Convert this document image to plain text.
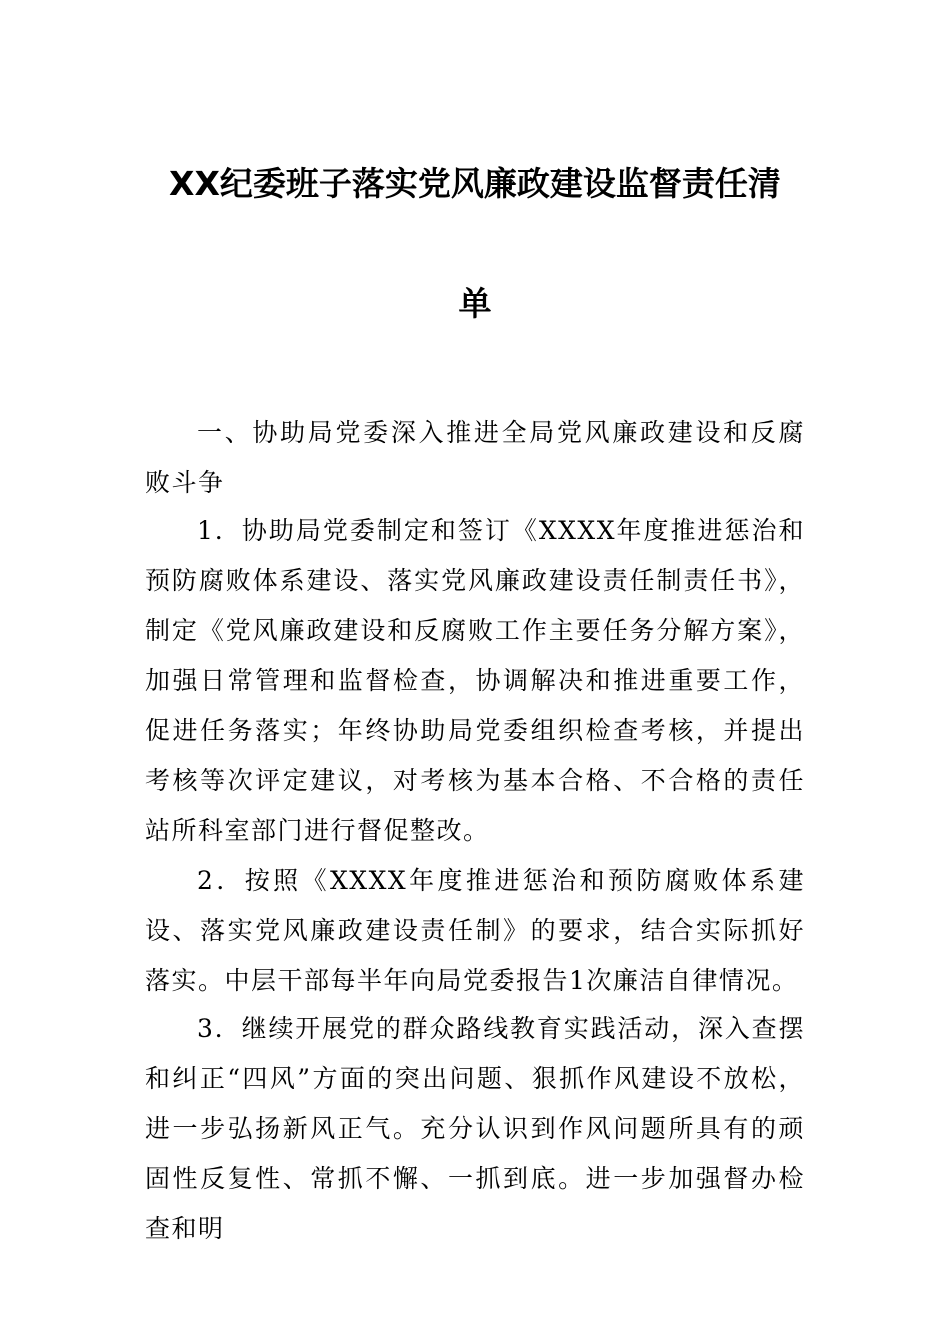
XX纪委班子落实党风廉政建设监督责任清
单

一、协助局党委深入推进全局党风廉政建设和反腐败斗争

1．协助局党委制定和签订《XXXX年度推进惩治和预防腐败体系建设、落实党风廉政建设责任制责任书》，制定《党风廉政建设和反腐败工作主要任务分解方案》，加强日常管理和监督检查，协调解决和推进重要工作，促进任务落实；年终协助局党委组织检查考核，并提出考核等次评定建议，对考核为基本合格、不合格的责任站所科室部门进行督促整改。

2．按照《XXXX年度推进惩治和预防腐败体系建设、落实党风廉政建设责任制》的要求，结合实际抓好落实。中层干部每半年向局党委报告1次廉洁自律情况。

3．继续开展党的群众路线教育实践活动，深入查摆和纠正“四风”方面的突出问题、狠抓作风建设不放松，进一步弘扬新风正气。充分认识到作风问题所具有的顽固性反复性、常抓不懈、一抓到底。进一步加强督办检查和明
